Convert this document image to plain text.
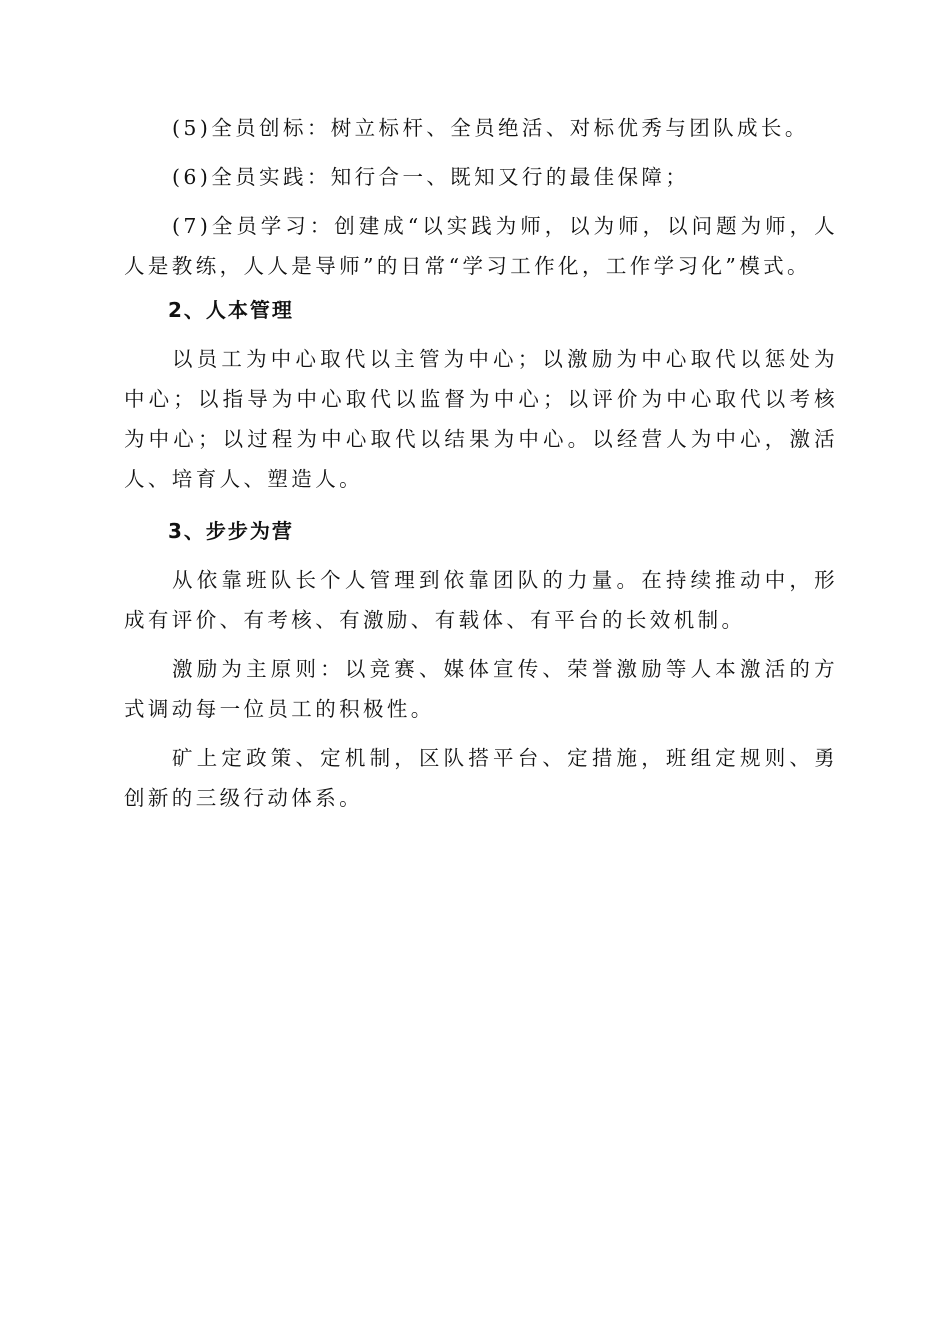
(5)全员创标：树立标杆、全员绝活、对标优秀与团队成长。

(6)全员实践：知行合一、既知又行的最佳保障；

(7)全员学习：创建成“以实践为师，以为师，以问题为师，人人是教练，人人是导师”的日常“学习工作化，工作学习化”模式。

2、人本管理

以员工为中心取代以主管为中心；以激励为中心取代以惩处为中心；以指导为中心取代以监督为中心；以评价为中心取代以考核为中心；以过程为中心取代以结果为中心。以经营人为中心，激活人、培育人、塑造人。

3、步步为营

从依靠班队长个人管理到依靠团队的力量。在持续推动中，形成有评价、有考核、有激励、有载体、有平台的长效机制。

激励为主原则：以竞赛、媒体宣传、荣誉激励等人本激活的方式调动每一位员工的积极性。

矿上定政策、定机制，区队搭平台、定措施，班组定规则、勇创新的三级行动体系。
